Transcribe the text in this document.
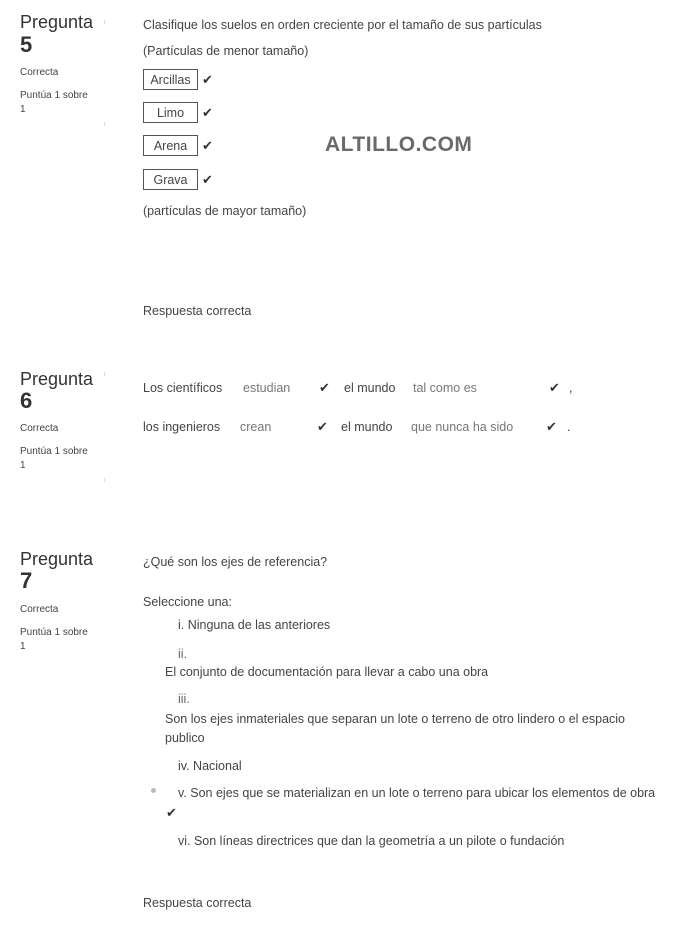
Pregunta
5
Correcta
Puntúa 1 sobre
1
Clasifique los suelos en orden creciente por el tamaño de sus partículas
(Partículas de menor tamaño)
Arcillas ✔
Limo	✔
Arena	✔
Grava	✔
ALTILLO.COM
(partículas de mayor tamaño)
Respuesta correcta
Pregunta
6
Correcta
Puntúa 1 sobre
1
Los científicos estudian ✔ el mundo tal como es	✔ ,
los ingenieros crean	✔ el mundo que nunca ha sido	✔ .
Pregunta
7
Correcta
Puntúa 1 sobre
1
¿Qué son los ejes de referencia?
Seleccione una:
i. Ninguna de las anteriores
ii.
El conjunto de documentación para llevar a cabo una obra
iii.
Son los ejes inmateriales que separan un lote o terreno de otro lindero o el espacio
publico
iv. Nacional
v. Son ejes que se materializan en un lote o terreno para ubicar los elementos de obra
✔
vi. Son líneas directrices que dan la geometría a un pilote o fundación
Respuesta correcta
